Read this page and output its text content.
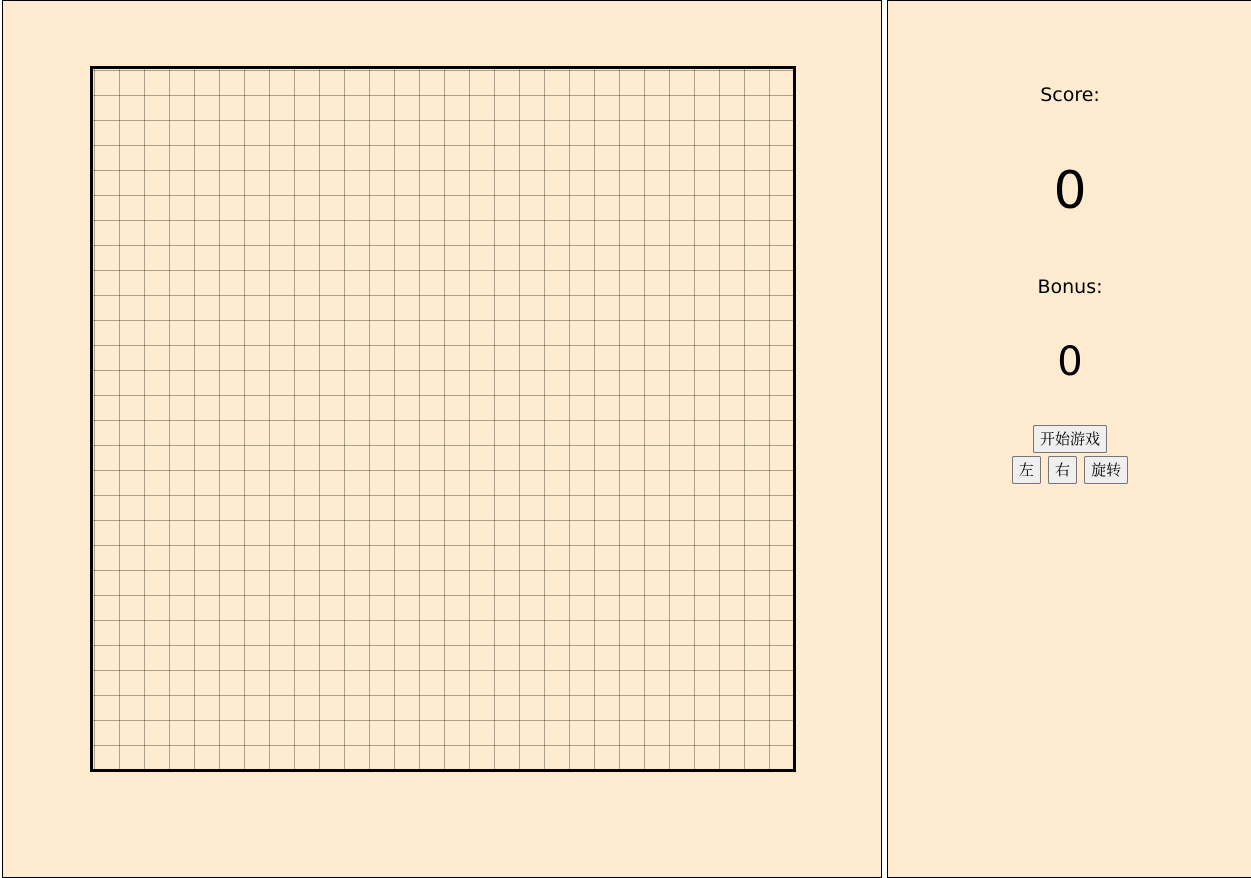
Score:
0
Bonus:
0
开始游戏
左 右 旋转
